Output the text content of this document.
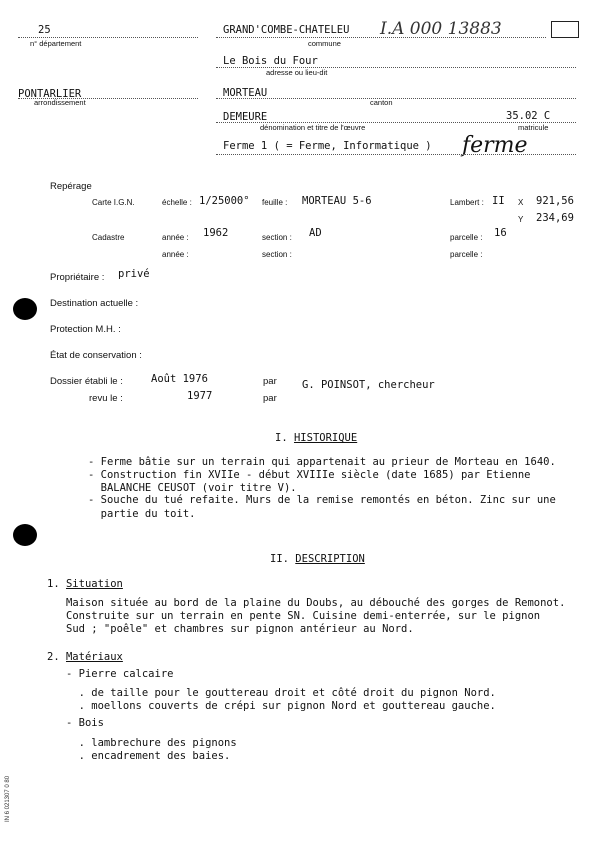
25
n° département
GRAND'COMBE-CHATELEU I.A 000 13883
commune
Le Bois du Four
adresse ou lieu-dit
PONTARLIER
arrondissement
MORTEAU
canton
DEMEURE	35.02 C
dénomination et titre de l'œuvre	matricule
Ferme 1 ( = Ferme, Informatique ) ferme
Repérage
Carte I.G.N.	échelle : 1/25000° feuille : MORTEAU 5-6	Lambert : II X 921,56
Y 234,69
Cadastre	année : 1962	section : AD	parcelle : 16
année :	section :	parcelle :
Propriétaire : privé
Destination actuelle :
Protection M.H. :
État de conservation :
Dossier établi le :	Août 1976	par G. POINSOT, chercheur
revu le :	1977	par
I. HISTORIQUE
- Ferme bâtie sur un terrain qui appartenait au prieur de Morteau en 1640.
- Construction fin XVIIe - début XVIIIe siècle (date 1685) par Etienne
BALANCHE CEUSOT (voir titre V).
- Souche du tué refaite. Murs de la remise remontés en béton. Zinc sur une
partie du toit.
II. DESCRIPTION
1. Situation
Maison située au bord de la plaine du Doubs, au débouché des gorges de Remonot.
Construite sur un terrain en pente SN. Cuisine demi-enterrée, sur le pignon
Sud ; "poêle" et chambres sur pignon antérieur au Nord.
2. Matériaux
- Pierre calcaire
. de taille pour le gouttereau droit et côté droit du pignon Nord.
. moellons couverts de crépi sur pignon Nord et gouttereau gauche.
- Bois
. lambrechure des pignons
. encadrement des baies.
IN 6 021307 0 80
